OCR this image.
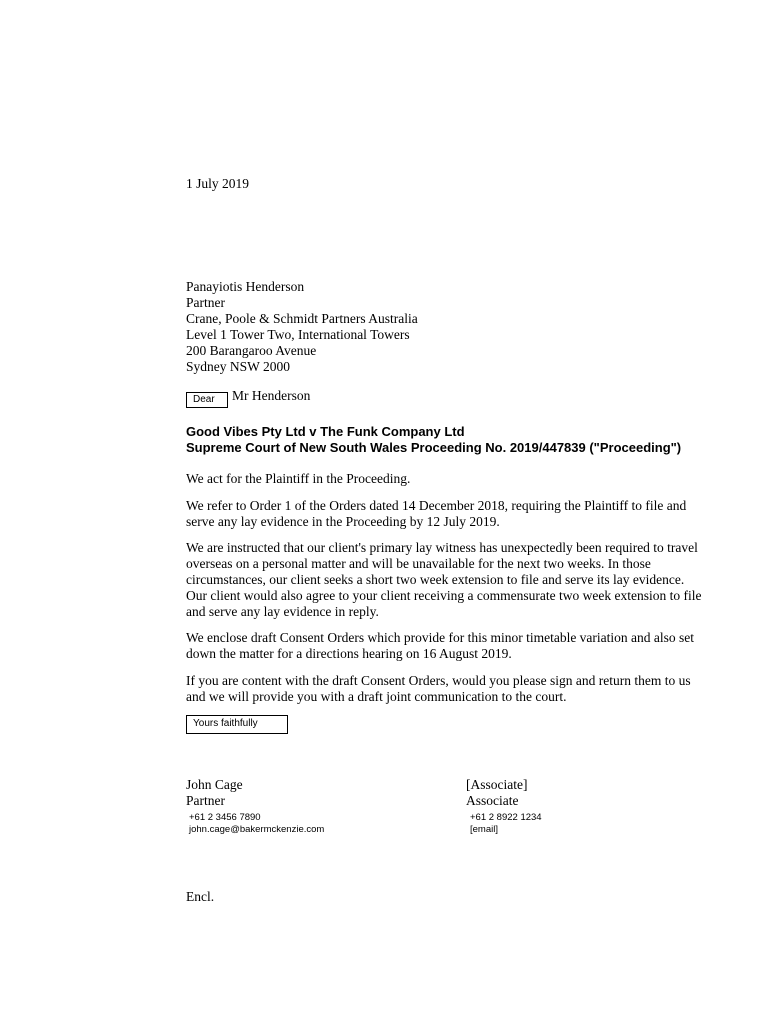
1 July 2019
Panayiotis Henderson
Partner
Crane, Poole & Schmidt Partners Australia
Level 1 Tower Two, International Towers
200 Barangaroo Avenue
Sydney NSW 2000
Dear	Mr Henderson
Good Vibes Pty Ltd v The Funk Company Ltd
Supreme Court of New South Wales Proceeding No. 2019/447839 ("Proceeding")

We act for the Plaintiff in the Proceeding.

We refer to Order 1 of the Orders dated 14 December 2018, requiring the Plaintiff to file and serve any lay evidence in the Proceeding by 12 July 2019.

We are instructed that our client's primary lay witness has unexpectedly been required to travel overseas on a personal matter and will be unavailable for the next two weeks. In those circumstances, our client seeks a short two week extension to file and serve its lay evidence. Our client would also agree to your client receiving a commensurate two week extension to file and serve any lay evidence in reply.

We enclose draft Consent Orders which provide for this minor timetable variation and also set down the matter for a directions hearing on 16 August 2019.

If you are content with the draft Consent Orders, would you please sign and return them to us and we will provide you with a draft joint communication to the court.

Yours faithfully
John Cage
Partner
+61 2 3456 7890
john.cage@bakermckenzie.com
[Associate]
Associate
+61 2 8922 1234
[email]
Encl.
